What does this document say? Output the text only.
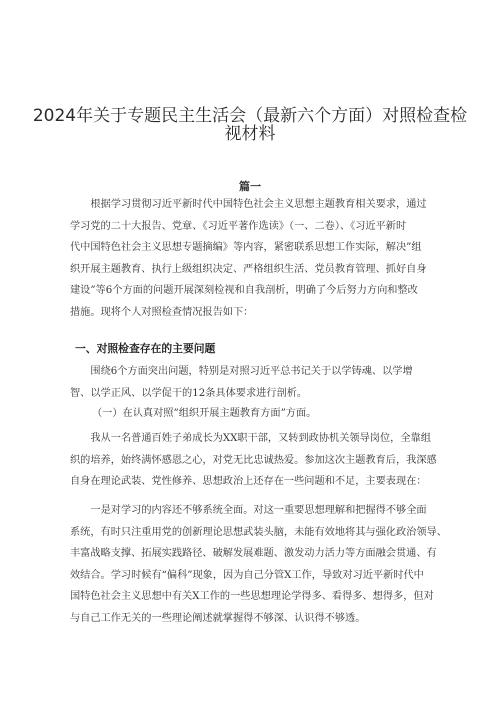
2024年关于专题民主生活会（最新六个方面）对照检查检
视材料
篇一
根据学习贯彻习近平新时代中国特色社会主义思想主题教育相关要求，通过
学习党的二十大报告、党章、《习近平著作选读》（一、二卷）、《习近平新时
代中国特色社会主义思想专题摘编》等内容，紧密联系思想工作实际，解决”组
织开展主题教育、执行上级组织决定、严格组织生活、党员教育管理、抓好自身
建设”等6个方面的问题开展深刻检视和自我剖析，明确了今后努力方向和整改
措施。现将个人对照检查情况报告如下：
一、对照检查存在的主要问题
围绕6个方面突出问题，特别是对照习近平总书记关于以学铸魂、以学增
智、以学正风、以学促干的12条具体要求进行剖析。
（一）在认真对照”组织开展主题教育方面”方面。
我从一名普通百姓子弟成长为XX职干部，又转到政协机关领导岗位，全靠组
织的培养，始终满怀感恩之心，对党无比忠诚热爱。参加这次主题教育后，我深感
自身在理论武装、党性修养、思想政治上还存在一些问题和不足，主要表现在：
一是对学习的内容还不够系统全面。对这一重要思想理解和把握得不够全面
系统，有时只注重用党的创新理论思想武装头脑，未能有效地将其与强化政治领导、
丰富战略支撑、拓展实践路径、破解发展难题、激发动力活力等方面融会贯通、有
效结合。学习时候有“偏科”现象，因为自己分管X工作，导致对习近平新时代中
国特色社会主义思想中有关X工作的一些思想理论学得多、看得多、想得多，但对
与自己工作无关的一些理论阐述就掌握得不够深、认识得不够透。
